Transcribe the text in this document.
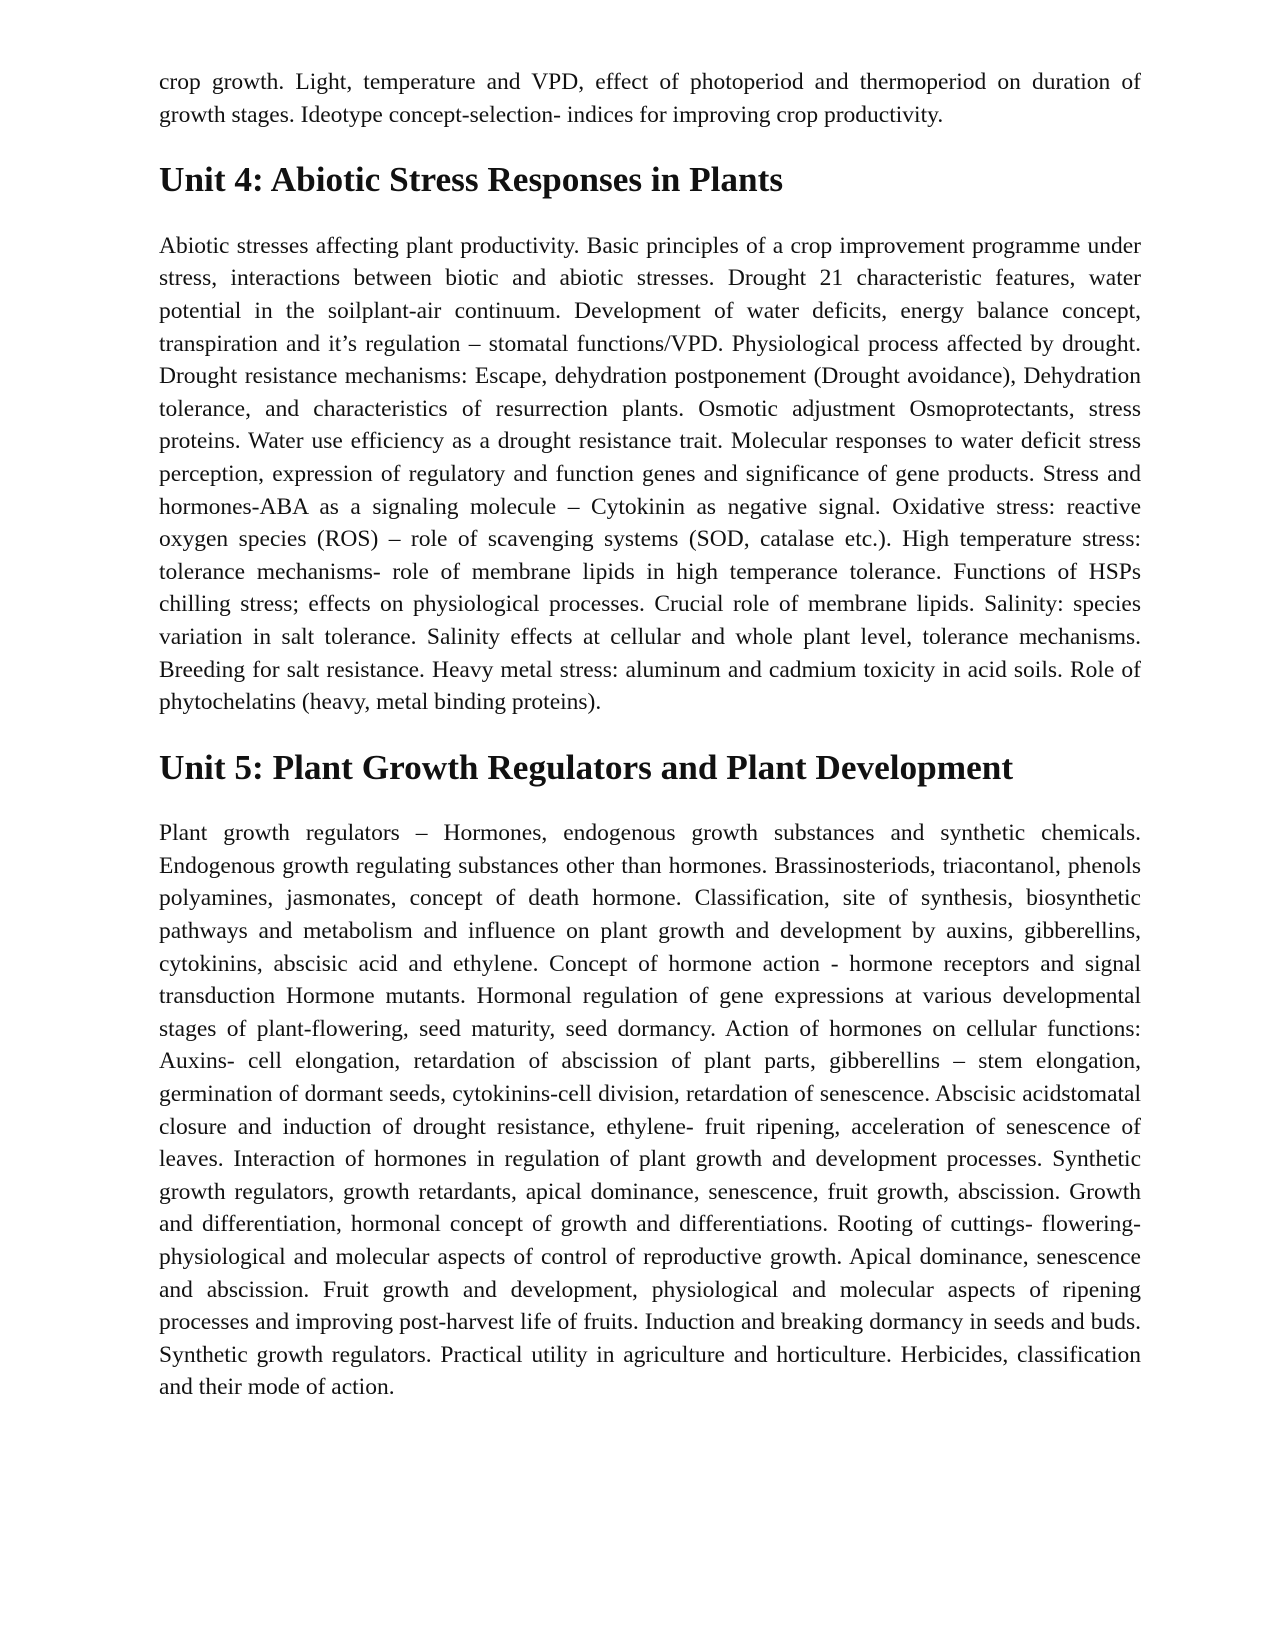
crop growth. Light, temperature and VPD, effect of photoperiod and thermoperiod on duration of growth stages. Ideotype concept-selection- indices for improving crop productivity.

Unit 4: Abiotic Stress Responses in Plants

Abiotic stresses affecting plant productivity. Basic principles of a crop improvement programme under stress, interactions between biotic and abiotic stresses. Drought 21 characteristic features, water potential in the soilplant-air continuum. Development of water deficits, energy balance concept, transpiration and it’s regulation – stomatal functions/VPD. Physiological process affected by drought. Drought resistance mechanisms: Escape, dehydration postponement (Drought avoidance), Dehydration tolerance, and characteristics of resurrection plants. Osmotic adjustment Osmoprotectants, stress proteins. Water use efficiency as a drought resistance trait. Molecular responses to water deficit stress perception, expression of regulatory and function genes and significance of gene products. Stress and hormones-ABA as a signaling molecule – Cytokinin as negative signal. Oxidative stress: reactive oxygen species (ROS) – role of scavenging systems (SOD, catalase etc.). High temperature stress: tolerance mechanisms- role of membrane lipids in high temperance tolerance. Functions of HSPs chilling stress; effects on physiological processes. Crucial role of membrane lipids. Salinity: species variation in salt tolerance. Salinity effects at cellular and whole plant level, tolerance mechanisms. Breeding for salt resistance. Heavy metal stress: aluminum and cadmium toxicity in acid soils. Role of phytochelatins (heavy, metal binding proteins).

Unit 5: Plant Growth Regulators and Plant Development

Plant growth regulators – Hormones, endogenous growth substances and synthetic chemicals. Endogenous growth regulating substances other than hormones. Brassinosteriods, triacontanol, phenols polyamines, jasmonates, concept of death hormone. Classification, site of synthesis, biosynthetic pathways and metabolism and influence on plant growth and development by auxins, gibberellins, cytokinins, abscisic acid and ethylene. Concept of hormone action - hormone receptors and signal transduction Hormone mutants. Hormonal regulation of gene expressions at various developmental stages of plant-flowering, seed maturity, seed dormancy. Action of hormones on cellular functions: Auxins- cell elongation, retardation of abscission of plant parts, gibberellins – stem elongation, germination of dormant seeds, cytokinins-cell division, retardation of senescence. Abscisic acidstomatal closure and induction of drought resistance, ethylene- fruit ripening, acceleration of senescence of leaves. Interaction of hormones in regulation of plant growth and development processes. Synthetic growth regulators, growth retardants, apical dominance, senescence, fruit growth, abscission. Growth and differentiation, hormonal concept of growth and differentiations. Rooting of cuttings- flowering- physiological and molecular aspects of control of reproductive growth. Apical dominance, senescence and abscission. Fruit growth and development, physiological and molecular aspects of ripening processes and improving post-harvest life of fruits. Induction and breaking dormancy in seeds and buds. Synthetic growth regulators. Practical utility in agriculture and horticulture. Herbicides, classification and their mode of action.
